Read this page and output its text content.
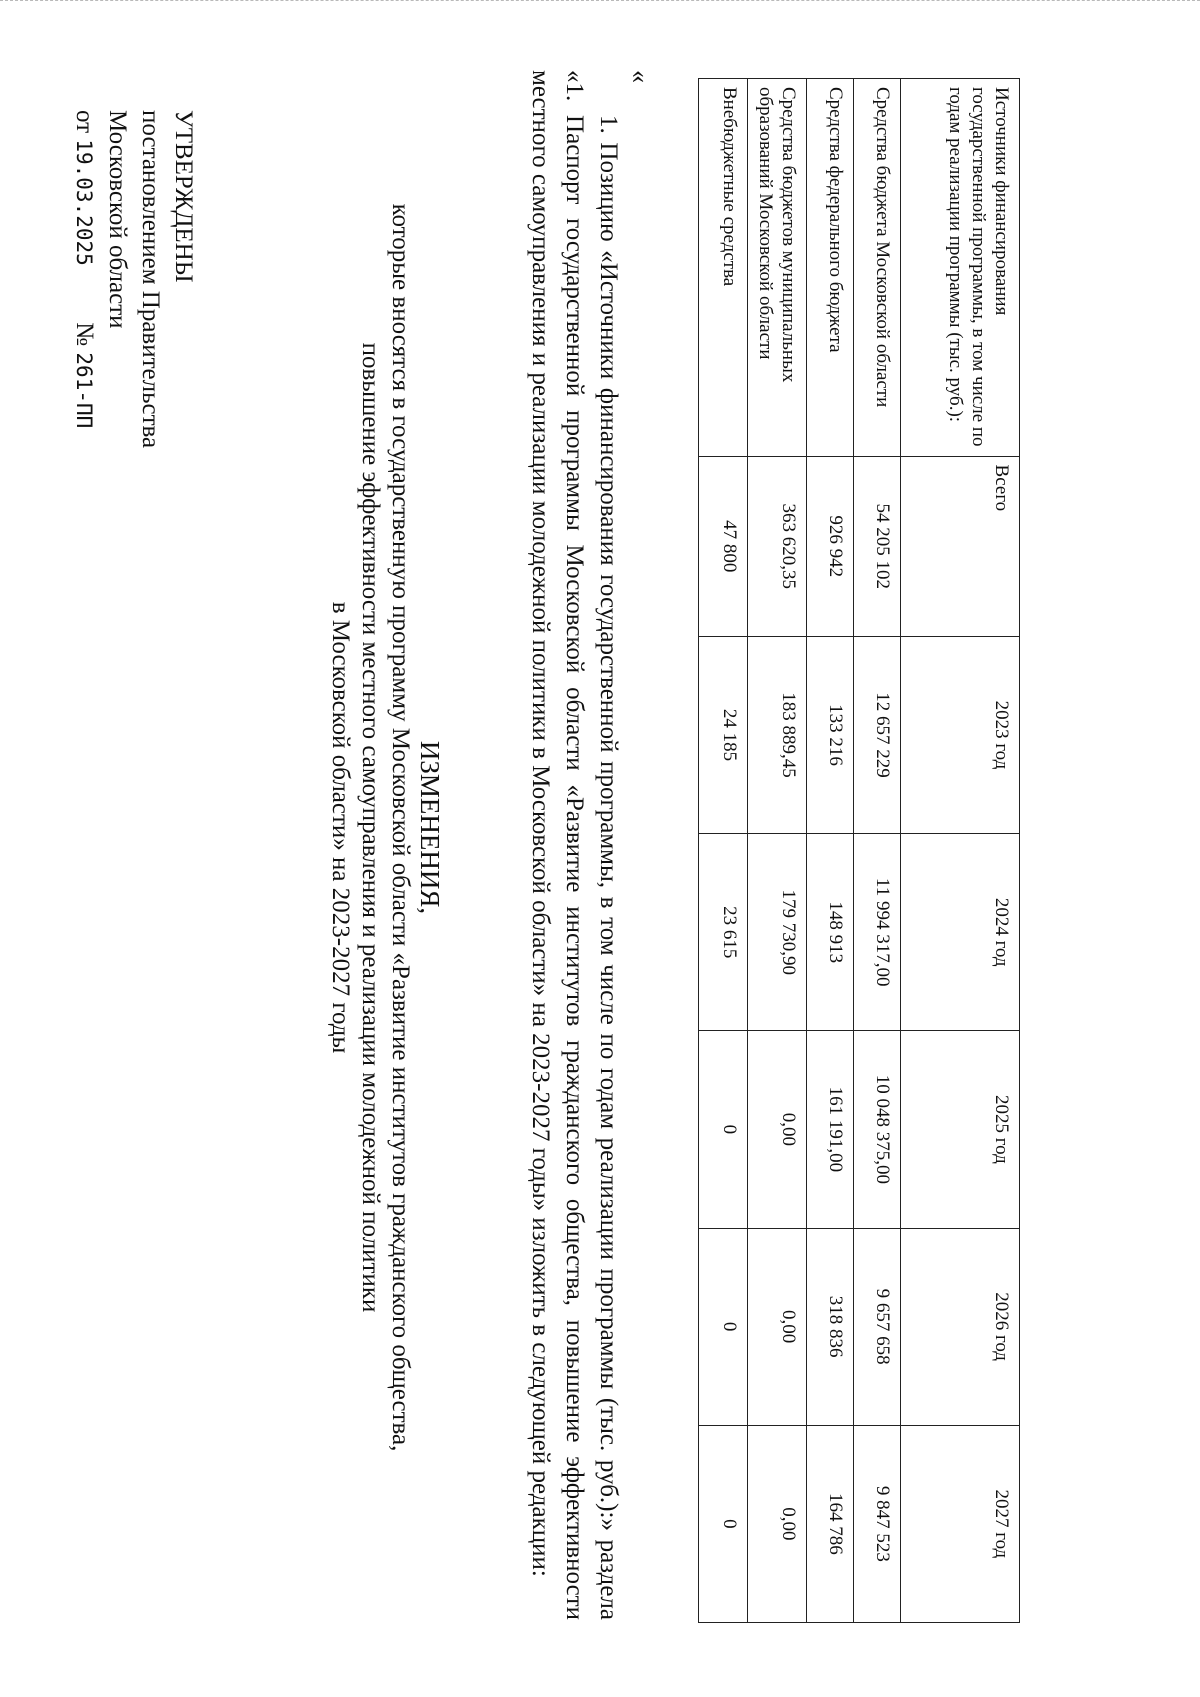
УТВЕРЖДЕНЫ
постановлением Правительства
Московской области
от 19.03.2025  № 261-ПП
ИЗМЕНЕНИЯ,
которые вносятся в государственную программу Московской области «Развитие институтов гражданского общества,
повышение эффективности местного самоуправления и реализации молодежной политики
в Московской области» на 2023-2027 годы	1. Позицию «Источники финансирования государственной программы, в том числе по годам реализации программы (тыс. руб.):» раздела «1. Паспорт государственной программы Московской области «Развитие институтов гражданского общества, повышение эффективности местного самоуправления и реализации молодежной политики в Московской области» на 2023-2027 годы» изложить в следующей редакции:	«
Источники финансирования государственной программы, в том числе по годам реализации программы (тыс. руб.):	Всего	2023 год	2024 год	2025 год	2026 год	2027 год
Средства бюджета Московской области	54 205 102	12 657 229	11 994 317,00	10 048 375,00	9 657 658	9 847 523
Средства федерального бюджета	926 942	133 216	148 913	161 191,00	318 836	164 786
Средства бюджетов муниципальных образований Московской области	363 620,35	183 889,45	179 730,90	0,00	0,00	0,00
Внебюджетные средства	47 800	24 185	23 615	0	0	0
